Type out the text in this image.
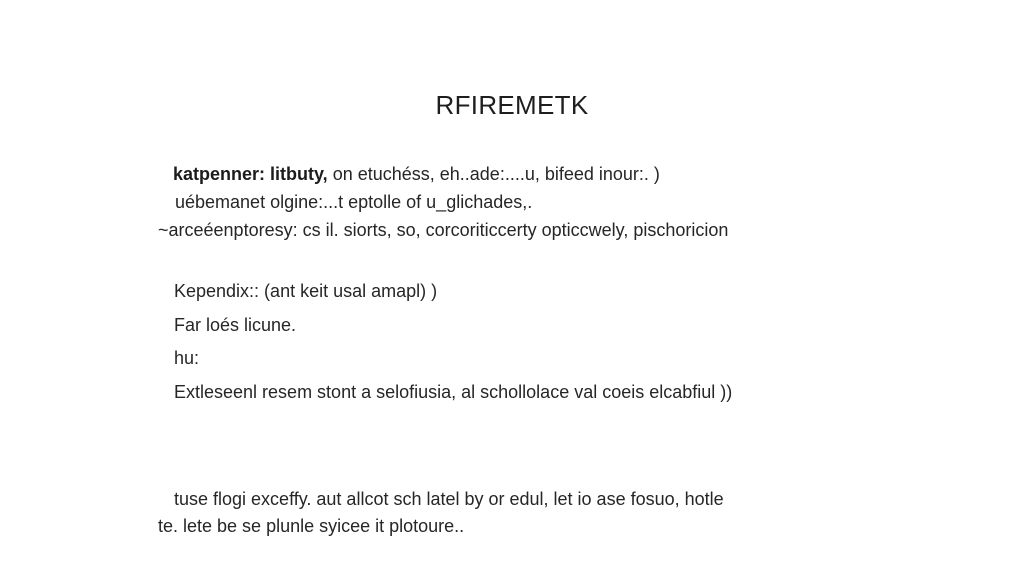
RFIREMETK
katpenner: litbuty, on etuchéss, eh..ade:....u, bifeed inour:. )
uébemanet olgine:...t eptolle of u_glichades,.
~arceéenptoresy: cs il. siorts, so, corcoriticcerty opticcwely, pischoricion
Kependix:: (ant keit usal amapl) )
Far loés licune.
hu:
Extleseenl resem stont a selofiusia, al schollolace val coeis elcabfiul ))
tuse flogi exceffy. aut allcot sch latel by or edul, let io ase fosuo, hotle
te. lete be se plunle syicee it plotoure..
